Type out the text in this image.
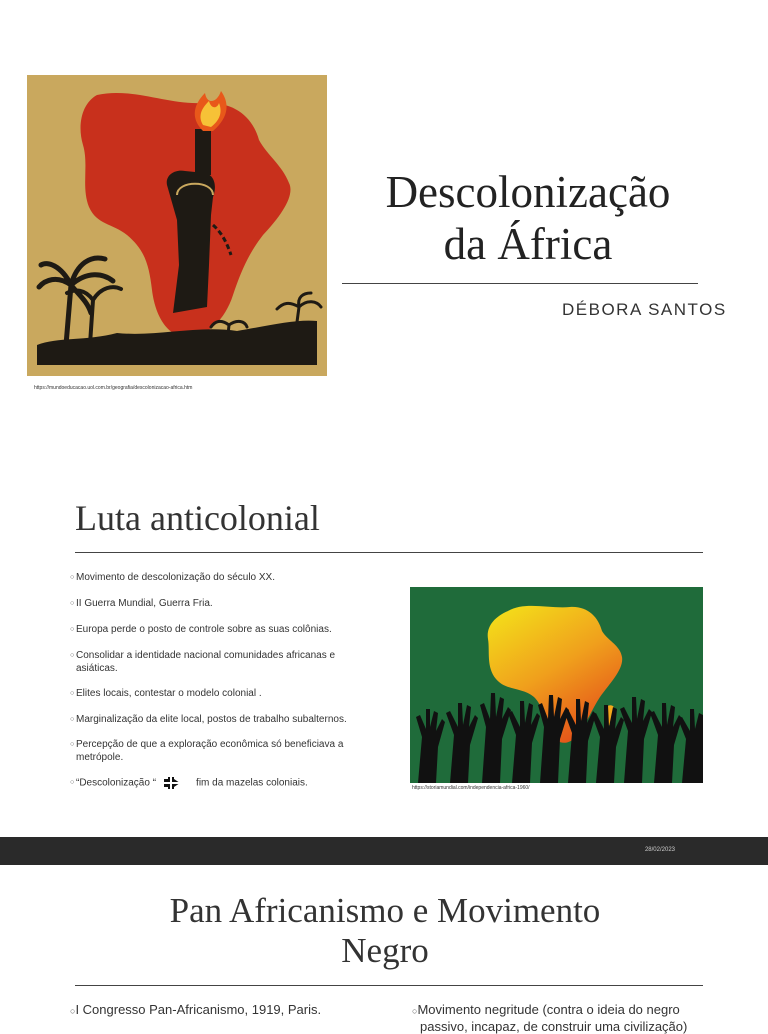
https://mundoeducacao.uol.com.br/geografia/descolonizacao-africa.htm
Descolonização
da África
DÉBORA SANTOS
Luta anticolonial
○ Movimento de descolonização do século XX.
○ II Guerra Mundial, Guerra Fria.
○ Europa perde o posto de controle sobre as suas colônias.
○ Consolidar a identidade nacional comunidades africanas e asiáticas.
○ Elites locais, contestar o modelo colonial .
○ Marginalização da elite local, postos de trabalho subalternos.
○ Percepção de que a exploração econômica só beneficiava a metrópole.
○ “Descolonização “	fim da mazelas coloniais.	https://storiamundial.com/independencia-africa-1960/
28/02/2023
Pan Africanismo e Movimento
Negro
○I Congresso Pan-Africanismo, 1919, Paris.	○Movimento negritude (contra o ideia do negro
passivo, incapaz, de construir uma civilização)
